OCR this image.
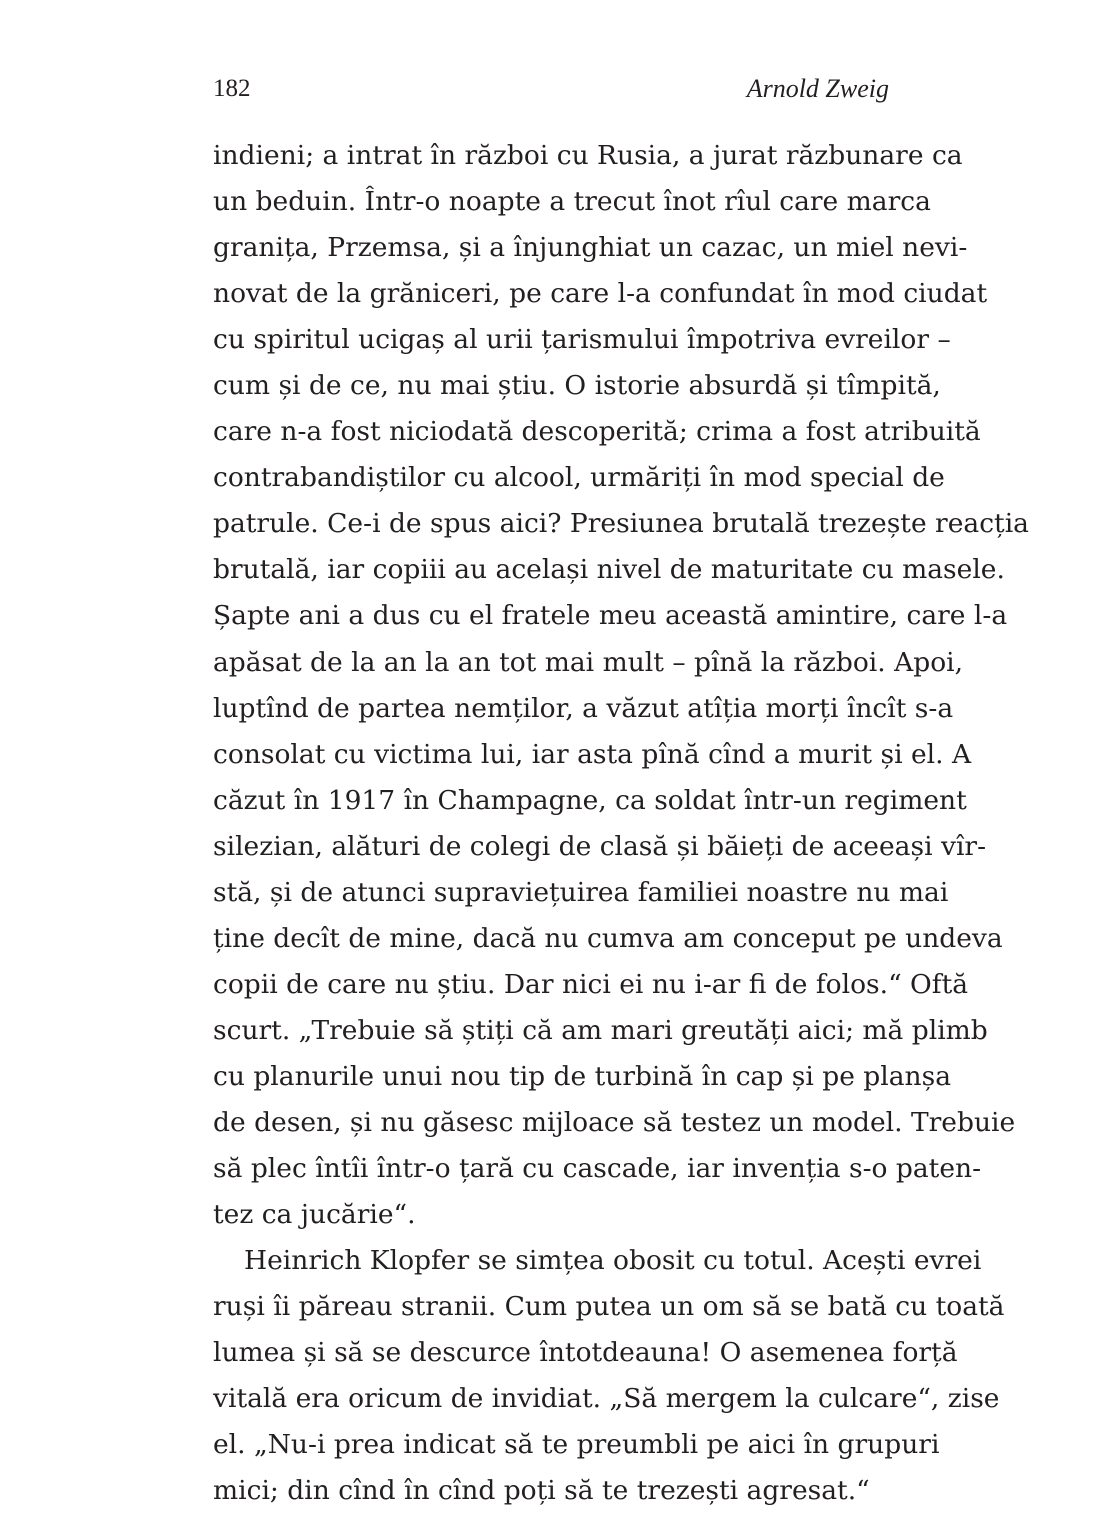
182	Arnold Zweig
indieni; a intrat în război cu Rusia, a jurat răzbunare ca
un beduin. Într-o noapte a trecut înot rîul care marca
granița, Przemsa, și a înjunghiat un cazac, un miel nevi-
novat de la grăniceri, pe care l-a confundat în mod ciudat
cu spiritul ucigaș al urii țarismului împotriva evreilor –
cum și de ce, nu mai știu. O istorie absurdă și tîmpită,
care n-a fost niciodată descoperită; crima a fost atribuită
contrabandiștilor cu alcool, urmăriți în mod special de
patrule. Ce-i de spus aici? Presiunea brutală trezește reacția
brutală, iar copiii au același nivel de maturitate cu masele.
Șapte ani a dus cu el fratele meu această amintire, care l-a
apăsat de la an la an tot mai mult – pînă la război. Apoi,
luptînd de partea nemților, a văzut atîția morți încît s-a
consolat cu victima lui, iar asta pînă cînd a murit și el. A
căzut în 1917 în Champagne, ca soldat într-un regiment
silezian, alături de colegi de clasă și băieți de aceeași vîr-
stă, și de atunci supraviețuirea familiei noastre nu mai
ține decît de mine, dacă nu cumva am conceput pe undeva
copii de care nu știu. Dar nici ei nu i-ar fi de folos.“ Oftă
scurt. „Trebuie să știți că am mari greutăți aici; mă plimb
cu planurile unui nou tip de turbină în cap și pe planșa
de desen, și nu găsesc mijloace să testez un model. Trebuie
să plec întîi într-o țară cu cascade, iar invenția s-o paten-
tez ca jucărie“.
Heinrich Klopfer se simțea obosit cu totul. Acești evrei
ruși îi păreau stranii. Cum putea un om să se bată cu toată
lumea și să se descurce întotdeauna! O asemenea forță
vitală era oricum de invidiat. „Să mergem la culcare“, zise
el. „Nu-i prea indicat să te preumbli pe aici în grupuri
mici; din cînd în cînd poți să te trezești agresat.“
